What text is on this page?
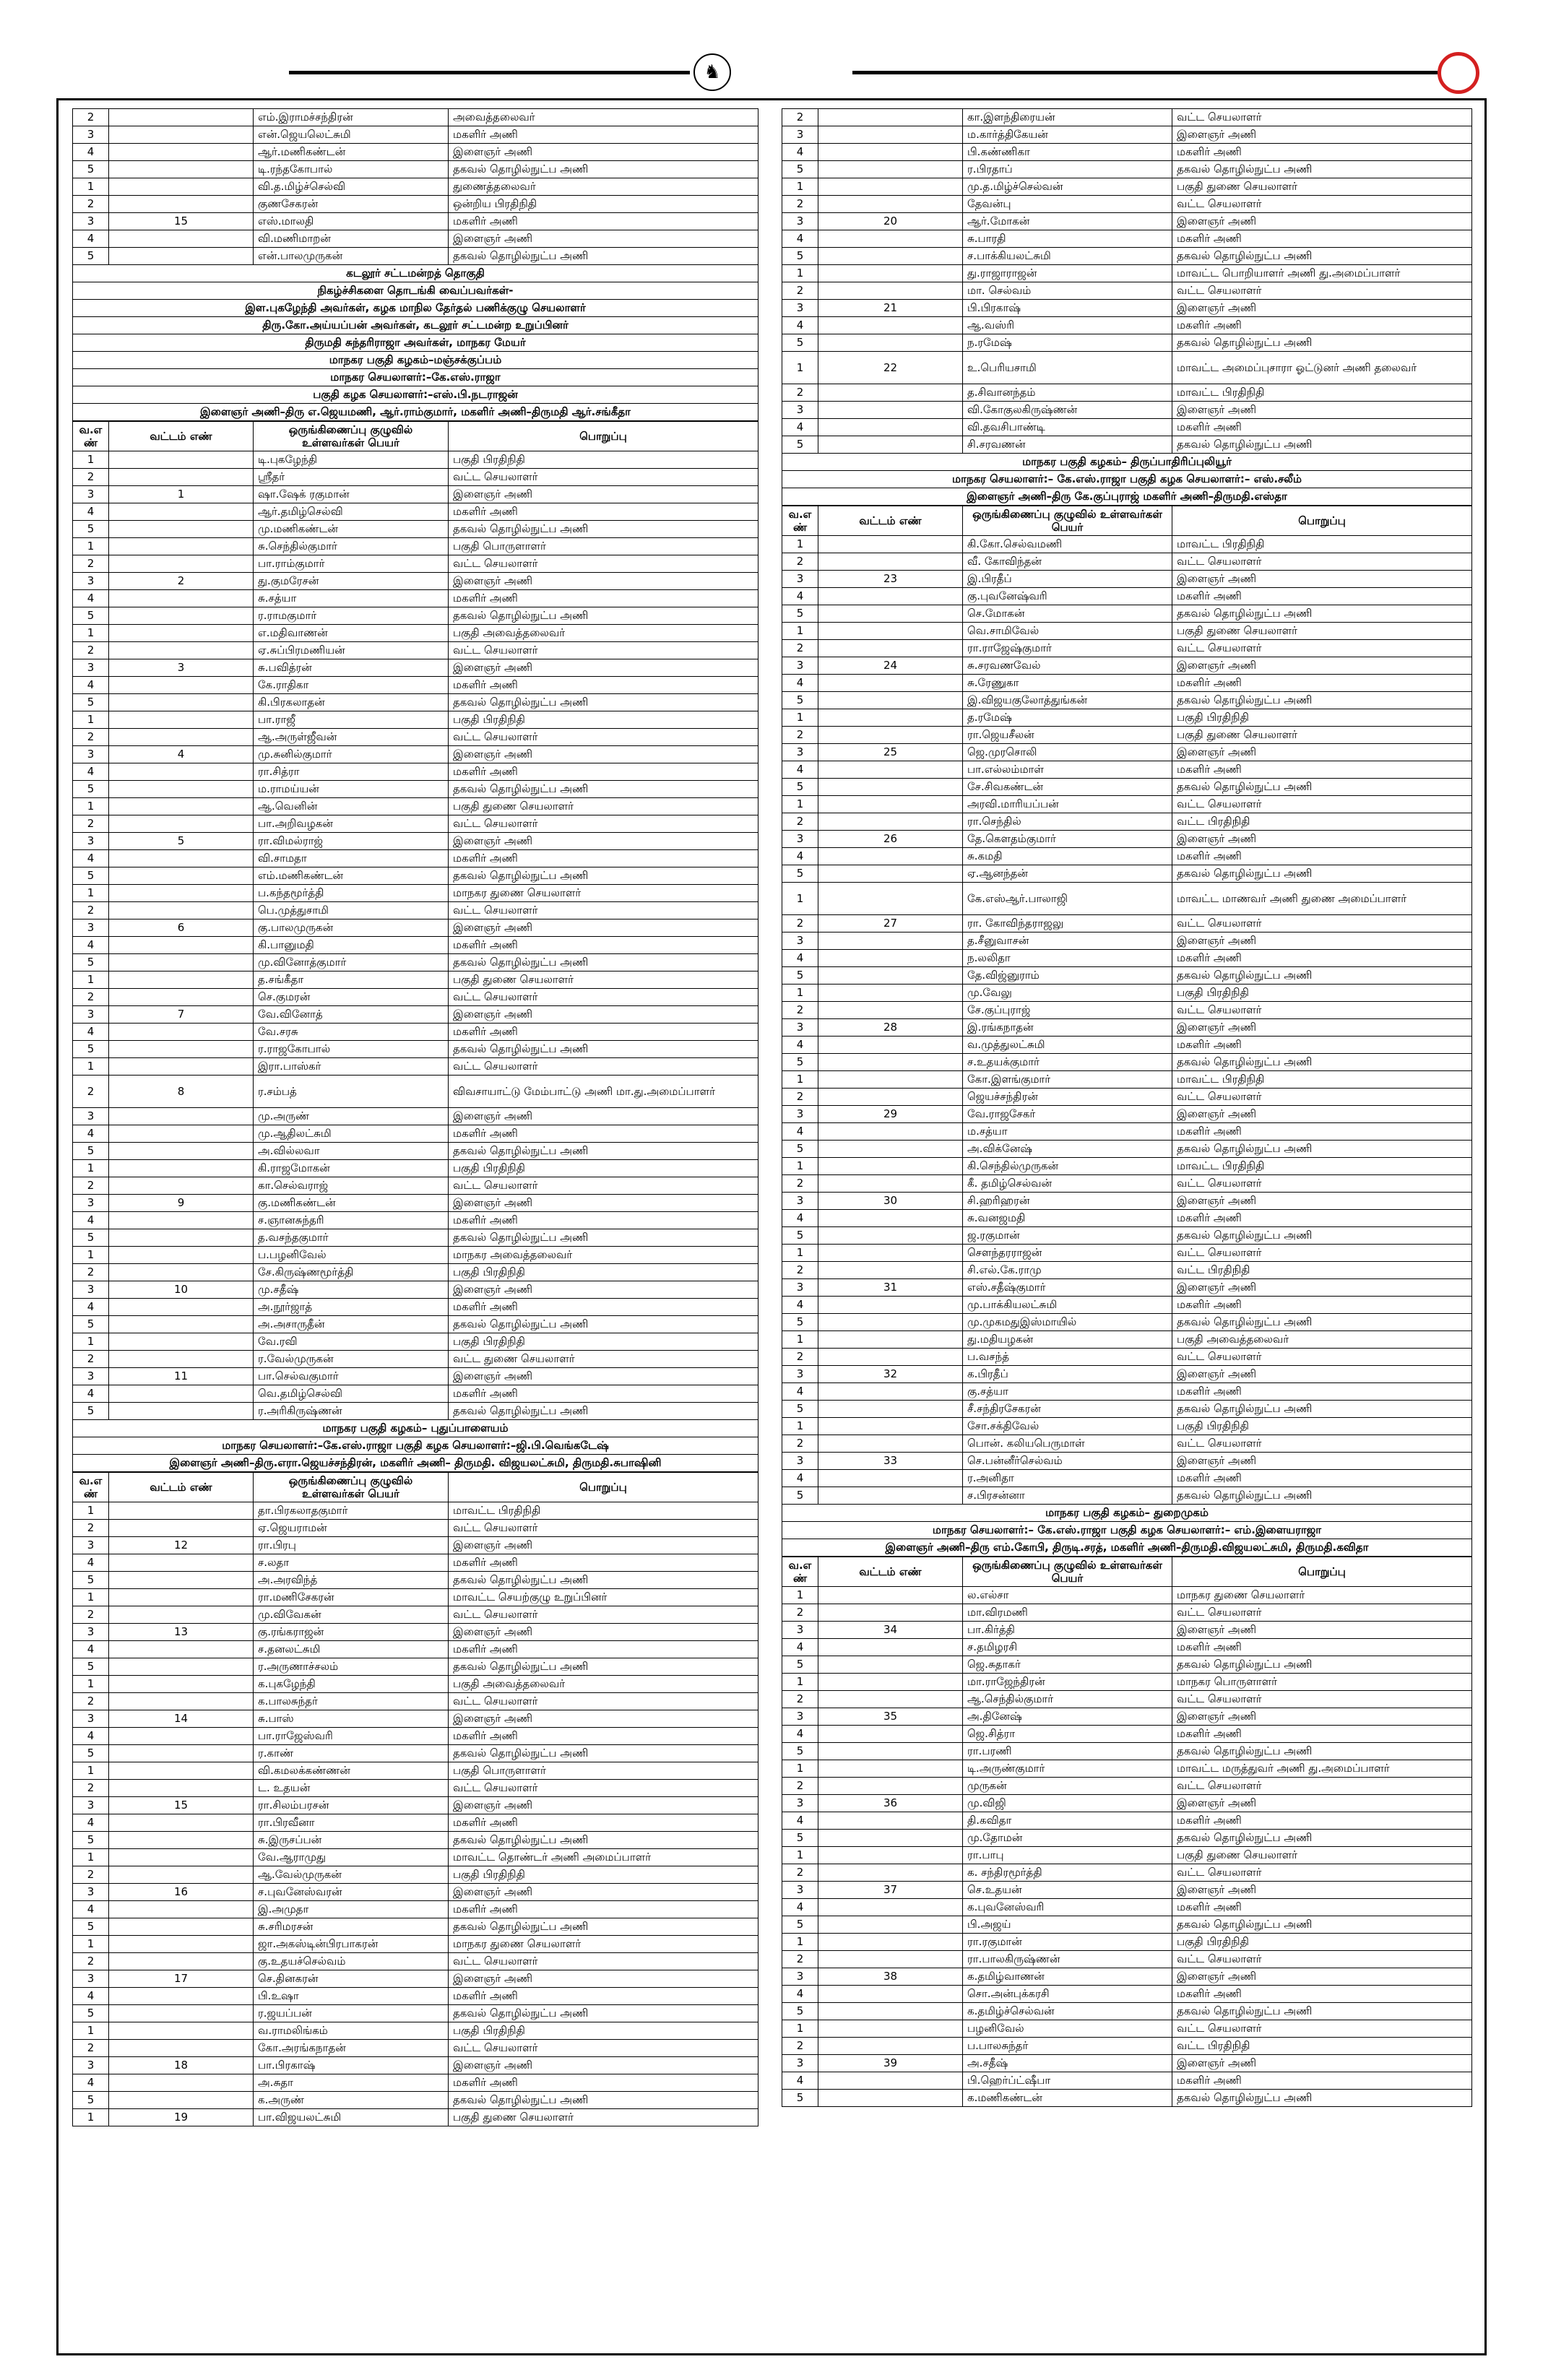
♞
2		எம்.இராமச்சந்திரன்	அவைத்தலைவர்
3		என்.ஜெயலெட்சுமி	மகளிர் அணி
4		ஆர்.மணிகண்டன்	இளைஞர் அணி
5		டி.ரந்தகோபால்	தகவல் தொழில்நுட்ப அணி
1		வி.த.மிழ்ச்செல்வி	துணைத்தலைவர்
2		குணசேகரன்	ஒன்றிய பிரதிநிதி
3	15	எஸ்.மாலதி	மகளிர் அணி
4		வி.மணிமாறன்	இளைஞர் அணி
5		என்.பாலமுருகன்	தகவல் தொழில்நுட்ப அணி
கடலூர் சட்டமன்றத் தொகுதி
நிகழ்ச்சிகளை தொடங்கி வைப்பவர்கள்-
இள.புகழேந்தி அவர்கள், கழக மாநில தேர்தல் பணிக்குழு செயலாளர்
திரு.கோ.அய்யப்பன் அவர்கள், கடலூர் சட்டமன்ற உறுப்பினர்
திருமதி சுந்தரிராஜா அவர்கள், மாநகர மேயர்
மாநகர பகுதி கழகம்–மஞ்சக்குப்பம்
மாநகர செயலாளர்:–கே.எஸ்.ராஜா
பகுதி கழக செயலாளர்:–எஸ்.பி.நடராஜன்
இளைஞர் அணி–திரு எ.ஜெயமணி, ஆர்.ராம்குமார், மகளிர் அணி–திருமதி ஆர்.சங்கீதா
வ.எ ண்	வட்டம் எண்	ஒருங்கிணைப்பு குழுவில் உள்ளவர்கள் பெயர்	பொறுப்பு
1		டி.புகழேந்தி	பகுதி பிரதிநிதி
2		ஸ்ரீதர்	வட்ட செயலாளர்
3	1	ஷா.ஷேக் ரகுமான்	இளைஞர் அணி
4		ஆர்.தமிழ்செல்வி	மகளிர் அணி
5		மு.மணிகண்டன்	தகவல் தொழில்நுட்ப அணி
1		சு.செந்தில்குமார்	பகுதி பொருளாளர்
2		பா.ராம்குமார்	வட்ட செயலாளர்
3	2	து.குமரேசன்	இளைஞர் அணி
4		சு.சத்யா	மகளிர் அணி
5		ர.ராமகுமார்	தகவல் தொழில்நுட்ப அணி
1		எ.மதிவாணன்	பகுதி அவைத்தலைவர்
2		ஏ.சுப்பிரமணியன்	வட்ட செயலாளர்
3	3	சு.பவித்ரன்	இளைஞர் அணி
4		கே.ராதிகா	மகளிர் அணி
5		கி.பிரகலாதன்	தகவல் தொழில்நுட்ப அணி
1		பா.ராஜீ	பகுதி பிரதிநிதி
2		ஆ.அருள்ஜீவன்	வட்ட செயலாளர்
3	4	மு.சுனில்குமார்	இளைஞர் அணி
4		ரா.சித்ரா	மகளிர் அணி
5		ம.ராமய்யன்	தகவல் தொழில்நுட்ப அணி
1		ஆ.வெனின்	பகுதி துணை செயலாளர்
2		பா.அறிவழகன்	வட்ட செயலாளர்
3	5	ரா.விமல்ராஜ்	இளைஞர் அணி
4		வி.சாமதா	மகளிர் அணி
5		எம்.மணிகண்டன்	தகவல் தொழில்நுட்ப அணி
1		ப.கந்தமூர்த்தி	மாநகர துணை செயலாளர்
2		பெ.முத்துசாமி	வட்ட செயலாளர்
3	6	கு.பாலமுருகன்	இளைஞர் அணி
4		கி.பானுமதி	மகளிர் அணி
5		மு.வினோத்குமார்	தகவல் தொழில்நுட்ப அணி
1		த.சங்கீதா	பகுதி துணை செயலாளர்
2		செ.குமரன்	வட்ட செயலாளர்
3	7	வே.வினோத்	இளைஞர் அணி
4		வே.சரசு	மகளிர் அணி
5		ர.ராஜகோபால்	தகவல் தொழில்நுட்ப அணி
1		இரா.பாஸ்கர்	வட்ட செயலாளர்
2	8	ர.சம்பத்	விவசாயாட்டு மேம்பாட்டு அணி மா.து.அமைப்பாளர்
3		மு.அருண்	இளைஞர் அணி
4		மு.ஆதிலட்சுமி	மகளிர் அணி
5		அ.வில்லவா	தகவல் தொழில்நுட்ப அணி
1		கி.ராஜமோகன்	பகுதி பிரதிநிதி
2		கா.செல்வராஜ்	வட்ட செயலாளர்
3	9	கு.மணிகண்டன்	இளைஞர் அணி
4		ச.ஞானசுந்தரி	மகளிர் அணி
5		த.வசந்தகுமார்	தகவல் தொழில்நுட்ப அணி
1		ப.பழனிவேல்	மாநகர அவைத்தலைவர்
2		சே.கிருஷ்ணமூர்த்தி	பகுதி பிரதிநிதி
3	10	மு.சதீஷ்	இளைஞர் அணி
4		அ.நூர்ஜாத்	மகளிர் அணி
5		அ.அசாருதீன்	தகவல் தொழில்நுட்ப அணி
1		வே.ரவி	பகுதி பிரதிநிதி
2		ர.வேல்முருகன்	வட்ட துணை செயலாளர்
3	11	பா.செல்வகுமார்	இளைஞர் அணி
4		வெ.தமிழ்செல்வி	மகளிர் அணி
5		ர.அரிகிருஷ்ணன்	தகவல் தொழில்நுட்ப அணி
மாநகர பகுதி கழகம்– புதுப்பாளையம்
மாநகர செயலாளர்:–கே.எஸ்.ராஜா பகுதி கழக செயலாளர்:–ஜி.பி.வெங்கடேஷ்
இளைஞர் அணி–திரு.எரா.ஜெயச்சந்திரன், மகளிர் அணி– திருமதி. விஜயலட்சுமி, திருமதி.சுபாஷினி
வ.எ ண்	வட்டம் எண்	ஒருங்கிணைப்பு குழுவில் உள்ளவர்கள் பெயர்	பொறுப்பு
1		தா.பிரகலாதகுமார்	மாவட்ட பிரதிநிதி
2		ஏ.ஜெயராமன்	வட்ட செயலாளர்
3	12	ரா.பிரபு	இளைஞர் அணி
4		ச.லதா	மகளிர் அணி
5		அ.அரவிந்த்	தகவல் தொழில்நுட்ப அணி
1		ரா.மணிசேகரன்	மாவட்ட செயற்குழு உறுப்பினர்
2		மு.விவேகன்	வட்ட செயலாளர்
3	13	கு.ரங்கராஜன்	இளைஞர் அணி
4		ச.தனலட்சுமி	மகளிர் அணி
5		ர.அருணாச்சலம்	தகவல் தொழில்நுட்ப அணி
1		க.புகழேந்தி	பகுதி அவைத்தலைவர்
2		க.பாலசுந்தர்	வட்ட செயலாளர்
3	14	சு.பாஸ்	இளைஞர் அணி
4		பா.ராஜேஸ்வரி	மகளிர் அணி
5		ர.காண்	தகவல் தொழில்நுட்ப அணி
1		வி.கமலக்கண்ணன்	பகுதி பொருளாளர்
2		ட. உதயன்	வட்ட செயலாளர்
3	15	ரா.சிலம்பரசன்	இளைஞர் அணி
4		ரா.பிரவீனா	மகளிர் அணி
5		சு.இருசப்பன்	தகவல் தொழில்நுட்ப அணி
1		வே.ஆராமுது	மாவட்ட தொண்டர் அணி அமைப்பாளர்
2		ஆ.வேல்முருகன்	பகுதி பிரதிநிதி
3	16	ச.புவனேஸ்வரன்	இளைஞர் அணி
4		இ.அமுதா	மகளிர் அணி
5		சு.சரிமரசன்	தகவல் தொழில்நுட்ப அணி
1		ஜா.அகஸ்டின்பிரபாகரன்	மாநகர துணை செயலாளர்
2		கு.உதயச்செல்வம்	வட்ட செயலாளர்
3	17	செ.தினகரன்	இளைஞர் அணி
4		பி.உஷா	மகளிர் அணி
5		ர.ஜயப்பன்	தகவல் தொழில்நுட்ப அணி
1		வ.ராமலிங்கம்	பகுதி பிரதிநிதி
2		கோ.அரங்கநாதன்	வட்ட செயலாளர்
3	18	பா.பிரகாஷ்	இளைஞர் அணி
4		அ.சுதா	மகளிர் அணி
5		க.அருண்	தகவல் தொழில்நுட்ப அணி
1	19	பா.விஜயலட்சுமி	பகுதி துணை செயலாளர்
2		கா.இளந்திரையன்	வட்ட செயலாளர்
3		ம.கார்த்திகேயன்	இளைஞர் அணி
4		பி.கண்ணிகா	மகளிர் அணி
5		ர.பிரதாப்	தகவல் தொழில்நுட்ப அணி
1		மு.த.மிழ்ச்செல்வன்	பகுதி துணை செயலாளர்
2		தேவன்பு	வட்ட செயலாளர்
3	20	ஆர்.மோகன்	இளைஞர் அணி
4		சு.பாரதி	மகளிர் அணி
5		ச.பாக்கியலட்சுமி	தகவல் தொழில்நுட்ப அணி
1		து.ராஜாராஜன்	மாவட்ட பொறியாளர் அணி து.அமைப்பாளர்
2		மா. செல்வம்	வட்ட செயலாளர்
3	21	பி.பிரகாஷ்	இளைஞர் அணி
4		ஆ.வஸ்ரி	மகளிர் அணி
5		ந.ரமேஷ்	தகவல் தொழில்நுட்ப அணி
1	22	உ.பெரியசாமி	மாவட்ட அமைப்புசாரா ஓட்டுனர் அணி தலைவர்
2		த.சிவானந்தம்	மாவட்ட பிரதிநிதி
3		வி.கோகுலகிருஷ்ணன்	இளைஞர் அணி
4		வி.தவசிபாண்டி	மகளிர் அணி
5		சி.சரவணன்	தகவல் தொழில்நுட்ப அணி
மாநகர பகுதி கழகம்– திருப்பாதிரிப்புலியூர்
மாநகர செயலாளர்:– கே.எஸ்.ராஜா பகுதி கழக செயலாளர்:– எஸ்.சலீம்
இளைஞர் அணி–திரு கே.குப்புராஜ் மகளிர் அணி–திருமதி.எஸ்தா
வ.எ ண்	வட்டம் எண்	ஒருங்கிணைப்பு குழுவில் உள்ளவர்கள் பெயர்	பொறுப்பு
1		கி.கோ.செல்வமணி	மாவட்ட பிரதிநிதி
2		வீ. கோவிந்தன்	வட்ட செயலாளர்
3	23	இ.பிரதீப்	இளைஞர் அணி
4		கு.புவனேஷ்வரி	மகளிர் அணி
5		செ.மோகன்	தகவல் தொழில்நுட்ப அணி
1		வெ.சாமிவேல்	பகுதி துணை செயலாளர்
2		ரா.ராஜேஷ்குமார்	வட்ட செயலாளர்
3	24	சு.சரவணவேல்	இளைஞர் அணி
4		சு.ரேணுகா	மகளிர் அணி
5		இ.விஜயகுலோத்துங்கன்	தகவல் தொழில்நுட்ப அணி
1		த.ரமேஷ்	பகுதி பிரதிநிதி
2		ரா.ஜெயசீலன்	பகுதி துணை செயலாளர்
3	25	ஜெ.முரசொலி	இளைஞர் அணி
4		பா.எல்லம்மாள்	மகளிர் அணி
5		சே.சிவகண்டன்	தகவல் தொழில்நுட்ப அணி
1		அரவி.மாரியப்பன்	வட்ட செயலாளர்
2		ரா.செந்தில்	வட்ட பிரதிநிதி
3	26	தே.கௌதம்குமார்	இளைஞர் அணி
4		சு.கமதி	மகளிர் அணி
5		ஏ.ஆனந்தன்	தகவல் தொழில்நுட்ப அணி
1		கே.எஸ்ஆர்.பாலாஜி	மாவட்ட மாணவர் அணி துணை அமைப்பாளர்
2	27	ரா. கோவிந்தராஜலு	வட்ட செயலாளர்
3		த.சீனுவாசன்	இளைஞர் அணி
4		ந.லலிதா	மகளிர் அணி
5		தே.விஜ்னுராம்	தகவல் தொழில்நுட்ப அணி
1		மு.வேலு	பகுதி பிரதிநிதி
2		சே.குப்புராஜ்	வட்ட செயலாளர்
3	28	இ.ரங்கநாதன்	இளைஞர் அணி
4		வ.முத்துலட்சுமி	மகளிர் அணி
5		ச.உதயக்குமார்	தகவல் தொழில்நுட்ப அணி
1		கோ.இளங்குமார்	மாவட்ட பிரதிநிதி
2		ஜெயச்சந்திரன்	வட்ட செயலாளர்
3	29	வே.ராஜசேகர்	இளைஞர் அணி
4		ம.சத்யா	மகளிர் அணி
5		அ.விக்னேஷ்	தகவல் தொழில்நுட்ப அணி
1		கி.செந்தில்முருகன்	மாவட்ட பிரதிநிதி
2		கீ. தமிழ்செல்வன்	வட்ட செயலாளர்
3	30	சி.ஹரிஹரன்	இளைஞர் அணி
4		சு.வனஜமதி	மகளிர் அணி
5		ஜ.ரகுமான்	தகவல் தொழில்நுட்ப அணி
1		சௌந்தரராஜன்	வட்ட செயலாளர்
2		சி.எல்.கே.ராமு	வட்ட பிரதிநிதி
3	31	எஸ்.சதீஷ்குமார்	இளைஞர் அணி
4		மு.பாக்கியலட்சுமி	மகளிர் அணி
5		மு.முகமதுஇஸ்மாயில்	தகவல் தொழில்நுட்ப அணி
1		து.மதியழகன்	பகுதி அவைத்தலைவர்
2		ப.வசந்த்	வட்ட செயலாளர்
3	32	க.பிரதீப்	இளைஞர் அணி
4		கு.சத்யா	மகளிர் அணி
5		சீ.சந்திரசேகரன்	தகவல் தொழில்நுட்ப அணி
1		சோ.சக்திவேல்	பகுதி பிரதிநிதி
2		பொன். கலியபெருமாள்	வட்ட செயலாளர்
3	33	செ.பன்னீர்செல்வம்	இளைஞர் அணி
4		ர.அனிதா	மகளிர் அணி
5		ச.பிரசன்னா	தகவல் தொழில்நுட்ப அணி
மாநகர பகுதி கழகம்– துறைமுகம்
மாநகர செயலாளர்:– கே.எஸ்.ராஜா பகுதி கழக செயலாளர்:– எம்.இளையராஜா
இளைஞர் அணி–திரு எம்.கோபி, திருடி.சரத், மகளிர் அணி–திருமதி.விஜயலட்சுமி, திருமதி.கவிதா
வ.எ ண்	வட்டம் எண்	ஒருங்கிணைப்பு குழுவில் உள்ளவர்கள் பெயர்	பொறுப்பு
1		ல.எல்சா	மாநகர துணை செயலாளர்
2		மா.விரமணி	வட்ட செயலாளர்
3	34	பா.கிர்த்தி	இளைஞர் அணி
4		ச.தமிழரசி	மகளிர் அணி
5		ஜெ.சுதாகர்	தகவல் தொழில்நுட்ப அணி
1		மா.ராஜேந்திரன்	மாநகர பொருளாளர்
2		ஆ.செந்தில்குமார்	வட்ட செயலாளர்
3	35	அ.தினேஷ்	இளைஞர் அணி
4		ஜெ.சித்ரா	மகளிர் அணி
5		ரா.பரணி	தகவல் தொழில்நுட்ப அணி
1		டி.அருண்குமார்	மாவட்ட மருத்துவர் அணி து.அமைப்பாளர்
2		முருகன்	வட்ட செயலாளர்
3	36	மு.விஜி	இளைஞர் அணி
4		தி.கவிதா	மகளிர் அணி
5		மு.தோமன்	தகவல் தொழில்நுட்ப அணி
1		ரா.பாபு	பகுதி துணை செயலாளர்
2		க. சந்திரமூர்த்தி	வட்ட செயலாளர்
3	37	செ.உதயன்	இளைஞர் அணி
4		க.புவனேஸ்வரி	மகளிர் அணி
5		பி.அஜய்	தகவல் தொழில்நுட்ப அணி
1		ரா.ரகுமான்	பகுதி பிரதிநிதி
2		ரா.பாலகிருஷ்ணன்	வட்ட செயலாளர்
3	38	க.தமிழ்வாணன்	இளைஞர் அணி
4		சொ.அன்புக்கரசி	மகளிர் அணி
5		க.தமிழ்ச்செல்வன்	தகவல் தொழில்நுட்ப அணி
1		பழனிவேல்	வட்ட செயலாளர்
2		ப.பாலசுந்தர்	வட்ட பிரதிநிதி
3	39	அ.சதீஷ்	இளைஞர் அணி
4		பி.ஹெர்ப்ட்ஷீபா	மகளிர் அணி
5		க.மணிகண்டன்	தகவல் தொழில்நுட்ப அணி
